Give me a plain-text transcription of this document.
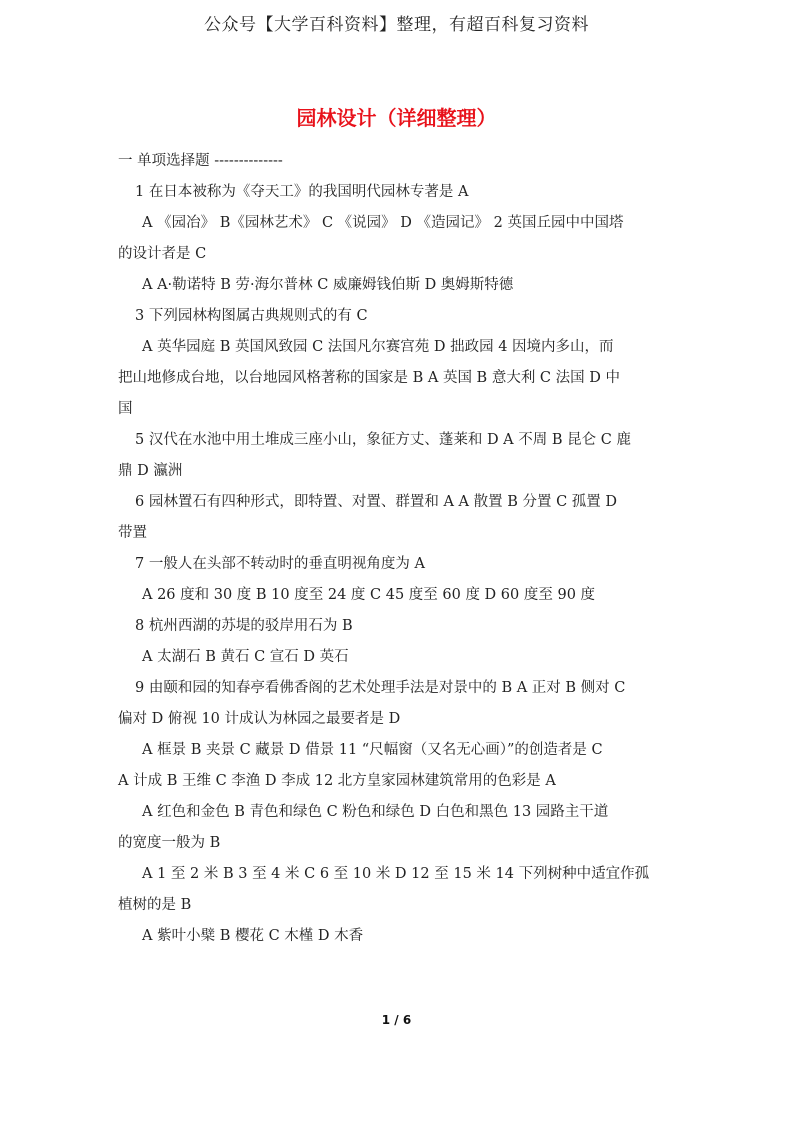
公众号【大学百科资料】整理，有超百科复习资料
园林设计（详细整理）
一 单项选择题 --------------
1 在日本被称为《夺天工》的我国明代园林专著是 A
A 《园冶》 B《园林艺术》 C 《说园》 D 《造园记》 2 英国丘园中中国塔
的设计者是 C
A A·勒诺特 B 劳·海尔普林 C 威廉姆钱伯斯 D 奥姆斯特德
3 下列园林构图属古典规则式的有 C
A 英华园庭 B 英国风致园 C 法国凡尔赛宫苑 D 拙政园 4 因境内多山，而
把山地修成台地，以台地园风格著称的国家是 B A 英国 B 意大利 C 法国 D 中
国
5 汉代在水池中用土堆成三座小山，象征方丈、蓬莱和 D A 不周 B 昆仑 C 鹿
鼎 D 瀛洲
6 园林置石有四种形式，即特置、对置、群置和 A A 散置 B 分置 C 孤置 D
带置
7 一般人在头部不转动时的垂直明视角度为 A
A 26 度和 30 度 B 10 度至 24 度 C 45 度至 60 度 D 60 度至 90 度
8 杭州西湖的苏堤的驳岸用石为 B
A 太湖石 B 黄石 C 宣石 D 英石
9 由颐和园的知春亭看佛香阁的艺术处理手法是对景中的 B A 正对 B 侧对 C
偏对 D 俯视 10 计成认为林园之最要者是 D
A 框景 B 夹景 C 藏景 D 借景 11 “尺幅窗（又名无心画）”的创造者是 C
A 计成 B 王维 C 李渔 D 李成 12 北方皇家园林建筑常用的色彩是 A
A 红色和金色 B 青色和绿色 C 粉色和绿色 D 白色和黑色 13 园路主干道
的宽度一般为 B
A 1 至 2 米 B 3 至 4 米 C 6 至 10 米 D 12 至 15 米 14 下列树种中适宜作孤
植树的是 B
A 紫叶小檗 B 樱花 C 木槿 D 木香
1 / 6
